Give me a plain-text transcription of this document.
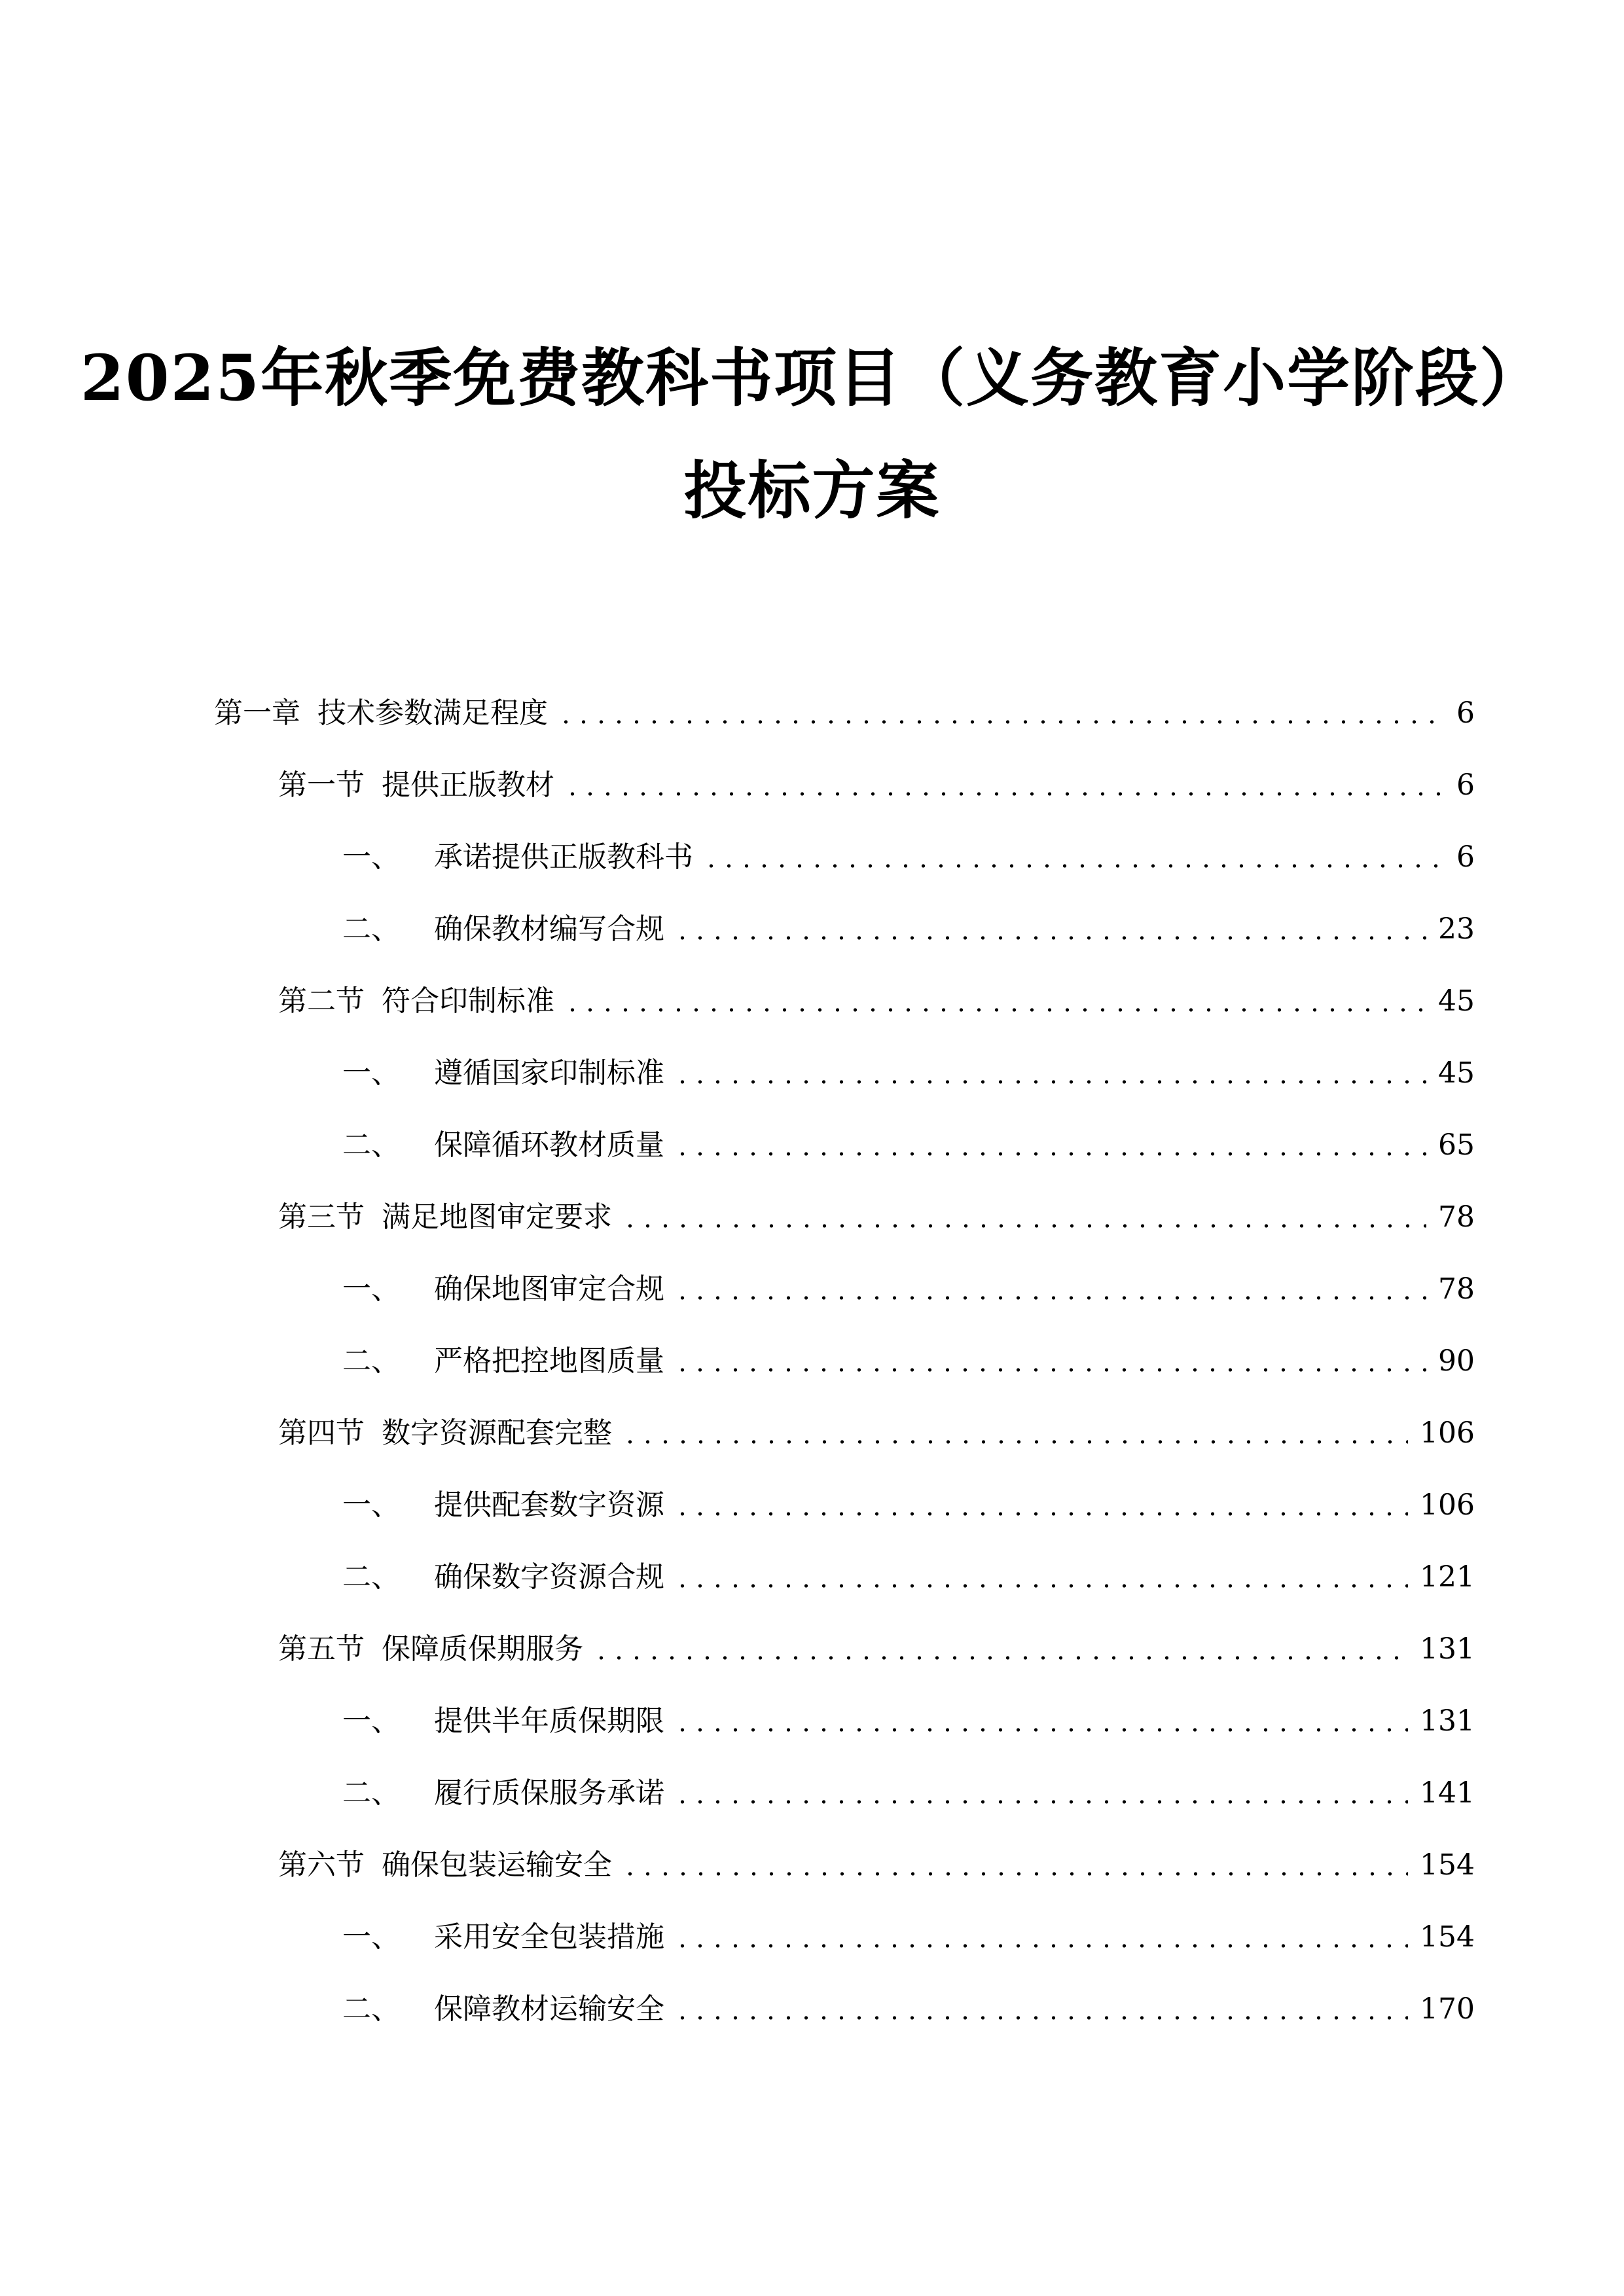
2025年秋季免费教科书项目（义务教育小学阶段）
投标方案
第一章 技术参数满足程度	6
第一节 提供正版教材	6
一、 承诺提供正版教科书	6
二、 确保教材编写合规	23
第二节 符合印制标准	45
一、 遵循国家印制标准	45
二、 保障循环教材质量	65
第三节 满足地图审定要求	78
一、 确保地图审定合规	78
二、 严格把控地图质量	90
第四节 数字资源配套完整	106
一、 提供配套数字资源	106
二、 确保数字资源合规	121
第五节 保障质保期服务	131
一、 提供半年质保期限	131
二、 履行质保服务承诺	141
第六节 确保包装运输安全	154
一、 采用安全包装措施	154
二、 保障教材运输安全	170
